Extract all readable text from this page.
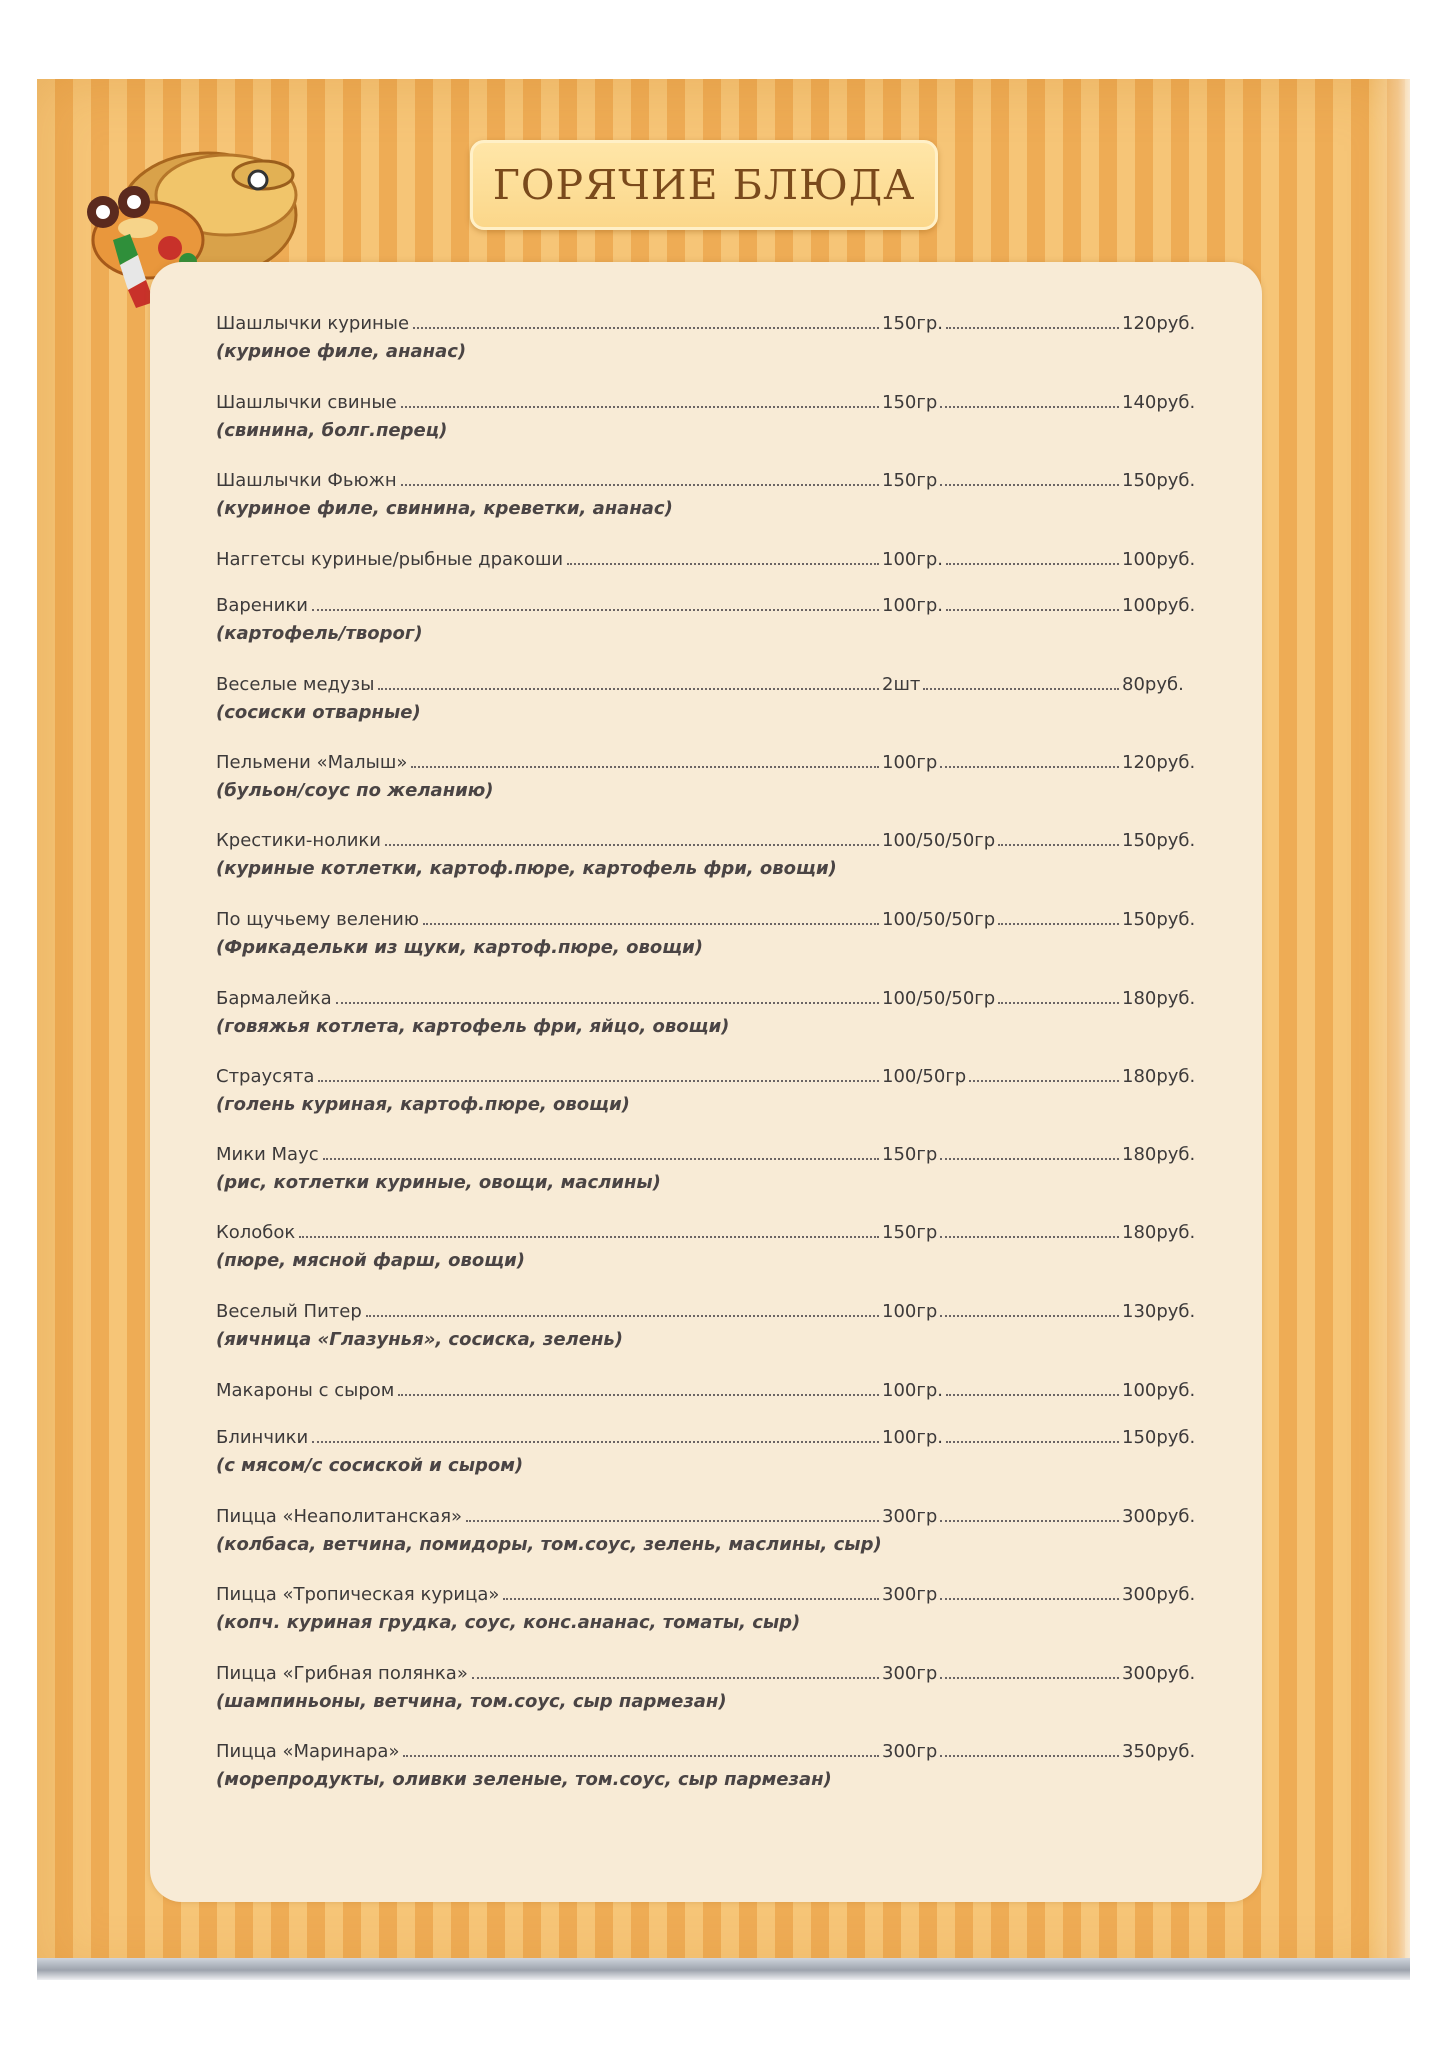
ГОРЯЧИЕ БЛЮДА
Шашлычки куриные	150гр.	120руб.
(куриное филе, ананас)
Шашлычки свиные	150гр	140руб.
(свинина, болг.перец)
Шашлычки Фьюжн	150гр	150руб.
(куриное филе, свинина, креветки, ананас)
Наггетсы куриные/рыбные дракоши	100гр.	100руб.
Вареники	100гр.	100руб.
(картофель/творог)
Веселые медузы	2шт	80руб.
(сосиски отварные)
Пельмени «Малыш»	100гр	120руб.
(бульон/соус по желанию)
Крестики-нолики	100/50/50гр	150руб.
(куриные котлетки, картоф.пюре, картофель фри, овощи)
По щучьему велению	100/50/50гр	150руб.
(Фрикадельки из щуки, картоф.пюре, овощи)
Бармалейка	100/50/50гр	180руб.
(говяжья котлета, картофель фри, яйцо, овощи)
Страусята	100/50гр	180руб.
(голень куриная, картоф.пюре, овощи)
Мики Маус	150гр	180руб.
(рис, котлетки куриные, овощи, маслины)
Колобок	150гр	180руб.
(пюре, мясной фарш, овощи)
Веселый Питер	100гр	130руб.
(яичница «Глазунья», сосиска, зелень)
Макароны с сыром	100гр.	100руб.
Блинчики	100гр.	150руб.
(с мясом/с сосиской и сыром)
Пицца «Неаполитанская»	300гр	300руб.
(колбаса, ветчина, помидоры, том.соус, зелень, маслины, сыр)
Пицца «Тропическая курица»	300гр	300руб.
(копч. куриная грудка, соус, конс.ананас, томаты, сыр)
Пицца «Грибная полянка»	300гр	300руб.
(шампиньоны, ветчина, том.соус, сыр пармезан)
Пицца «Маринара»	300гр	350руб.
(морепродукты, оливки зеленые, том.соус, сыр пармезан)
